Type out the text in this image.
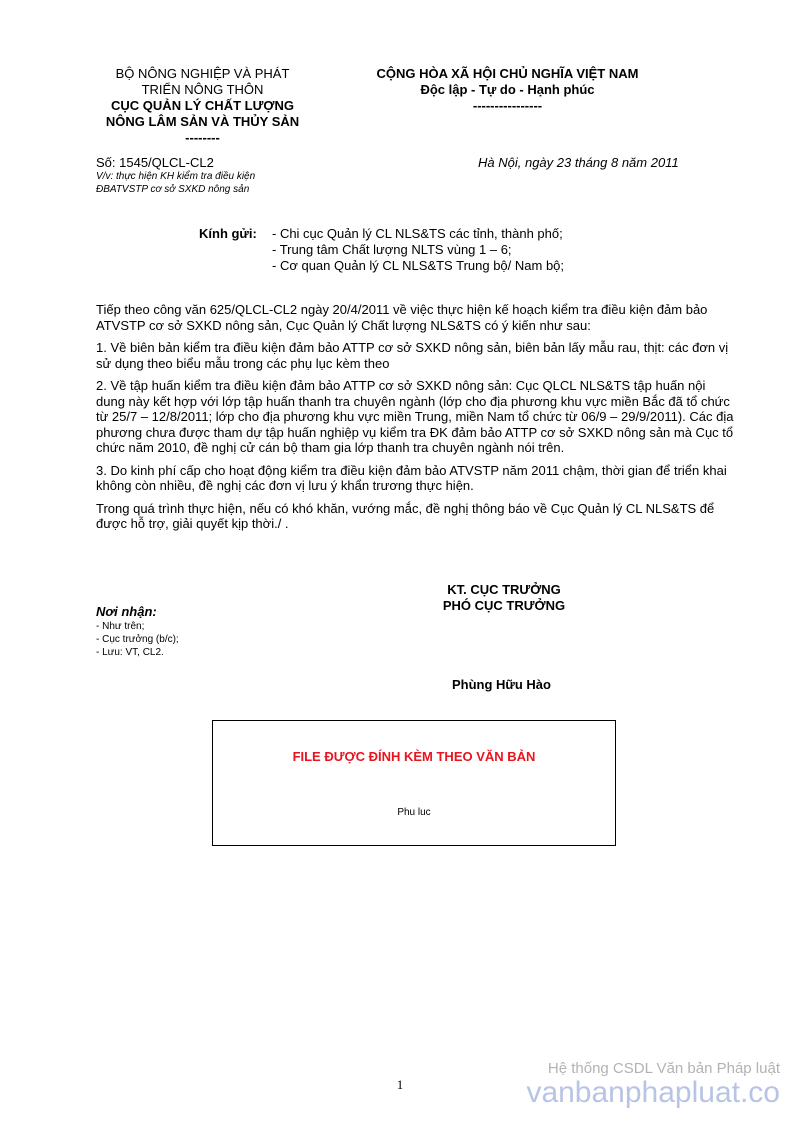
BỘ NÔNG NGHIỆP VÀ PHÁT
TRIỂN NÔNG THÔN
CỤC QUẢN LÝ CHẤT LƯỢNG
NÔNG LÂM SẢN VÀ THỦY SẢN
--------
CỘNG HÒA XÃ HỘI CHỦ NGHĨA VIỆT NAM
Độc lập - Tự do - Hạnh phúc
----------------
Số: 1545/QLCL-CL2	Hà Nội, ngày 23 tháng 8 năm 2011
V/v: thực hiện KH kiểm tra điều kiện
ĐBATVSTP cơ sở SXKD nông sản
Kính gửi: - Chi cục Quản lý CL NLS&TS các tỉnh, thành phố;
- Trung tâm Chất lượng NLTS vùng 1 – 6;
- Cơ quan Quản lý CL NLS&TS Trung bộ/ Nam bộ;

Tiếp theo công văn 625/QLCL-CL2 ngày 20/4/2011 về việc thực hiện kế hoạch kiểm tra điều kiện đảm bảo ATVSTP cơ sở SXKD nông sản, Cục Quản lý Chất lượng NLS&TS có ý kiến như sau:

1. Về biên bản kiểm tra điều kiện đảm bảo ATTP cơ sở SXKD nông sản, biên bản lấy mẫu rau, thịt: các đơn vị sử dụng theo biểu mẫu trong các phụ lục kèm theo

2. Về tập huấn kiểm tra điều kiện đảm bảo ATTP cơ sở SXKD nông sản: Cục QLCL NLS&TS tập huấn nội dung này kết hợp với lớp tập huấn thanh tra chuyên ngành (lớp cho địa phương khu vực miền Bắc đã tổ chức từ 25/7 – 12/8/2011; lớp cho địa phương khu vực miền Trung, miền Nam tổ chức từ 06/9 – 29/9/2011). Các địa phương chưa được tham dự tập huấn nghiệp vụ kiểm tra ĐK đảm bảo ATTP cơ sở SXKD nông sản mà Cục tổ chức năm 2010, đề nghị cử cán bộ tham gia lớp thanh tra chuyên ngành nói trên.

3. Do kinh phí cấp cho hoạt động kiểm tra điều kiện đảm bảo ATVSTP năm 2011 chậm, thời gian để triển khai không còn nhiều, đề nghị các đơn vị lưu ý khẩn trương thực hiện.

Trong quá trình thực hiện, nếu có khó khăn, vướng mắc, đề nghị thông báo về Cục Quản lý CL NLS&TS để được hỗ trợ, giải quyết kịp thời./ .

KT. CỤC TRƯỞNG
PHÓ CỤC TRƯỞNG
Nơi nhận:
- Như trên;
- Cục trưởng (b/c);
- Lưu: VT, CL2.
Phùng Hữu Hào
FILE ĐƯỢC ĐÍNH KÈM THEO VĂN BẢN
Phu luc
1
Hệ thống CSDL Văn bản Pháp luật
vanbanphapluat.co
